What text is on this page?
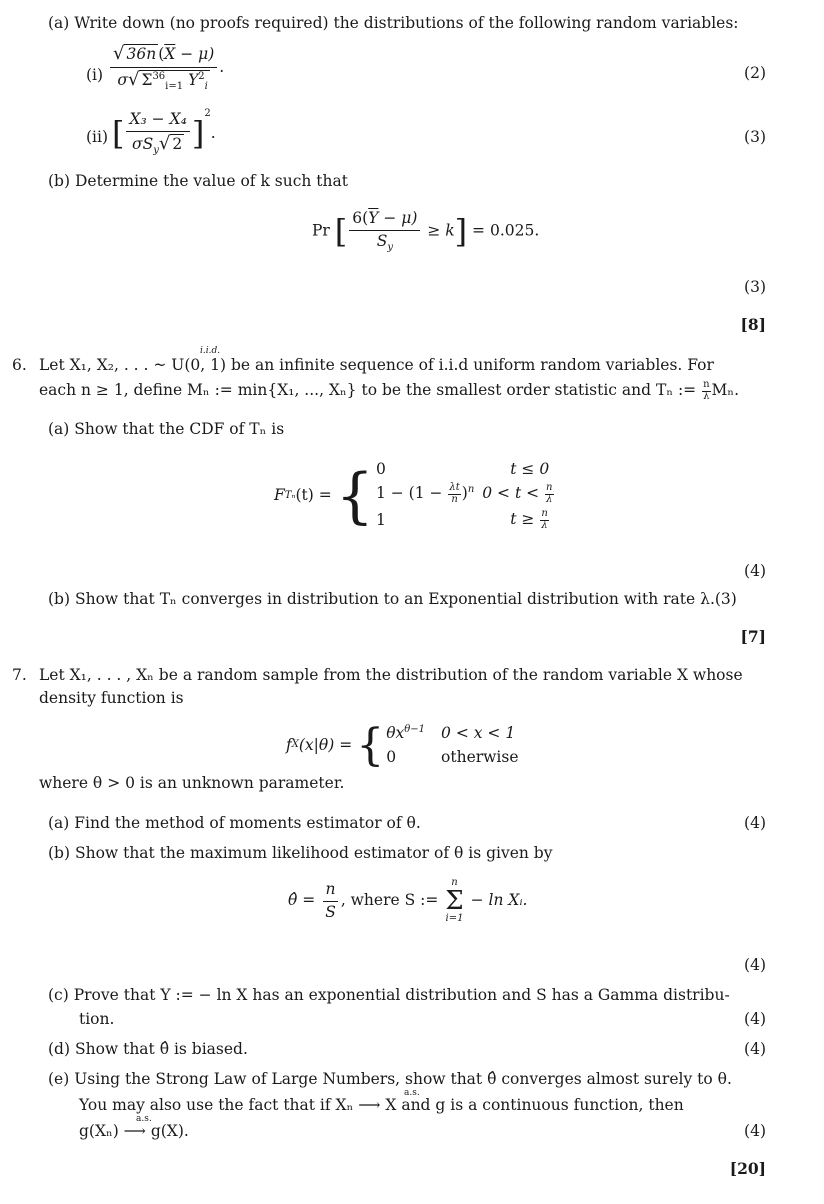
(a) Write down (no proofs required) the distributions of the following random variables:
$(i) \frac{√ 36n (\overline{X} - \mu)}{\sigma√ \Sigma^{36}_{i=1} Y^2_i}$ .	(2)
(ii) [ $\frac{\text{X₃ − X₄}}{\sigma S_y√ 2} ]^2$.	(3)
(b) Determine the value of k such that
Pr [ $\frac{6(\overline{Y} - \mu)}{S_y} \ge k] = 0.025$.
(3)
[8]
6. Let X₁, X₂, . . . ~ U(0, 1) be an infinite sequence of i.i.d uniform random variables. For
i.i.d.
each n ≥ 1, define Mₙ := min{X₁, ..., Xₙ} to be the smallest order statistic and Tₙ := $\frac{n}{\lambda} M_n$.
(a) Show that the CDF of Tₙ is
F Tₙ (t) = { 0	t ≤ 0
$1 - (1 - \frac{\lambda t}{n} )^n$	$0 < t < \frac{n}{\lambda}$

1	$t \ge \frac{n}{\lambda}$
(4)
(b) Show that Tₙ converges in distribution to an Exponential distribution with rate λ.(3)
[7]
7. Let X₁, . . . , Xₙ be a random sample from the distribution of the random variable X whose
density function is
f X (x|θ) = { $\theta x^{\theta-1}$	0 < x < 1
0	otherwise
where θ > 0 is an unknown parameter.
(a) Find the method of moments estimator of θ.	(4)
(b) Show that the maximum likelihood estimator of θ is given by
θ̂ = $\frac{n}{S}$ , where S :=
n
Σ
i=1
− ln Xᵢ.
(4)
(c) Prove that Y := − ln X has an exponential distribution and S has a Gamma distribu-
tion.	(4)
(d) Show that θ̂ is biased.	(4)
(e) Using the Strong Law of Large Numbers, show that θ̂ converges almost surely to θ.
You may also use the fact that if Xₙ ⟶ X and g is a continuous function, then
a.s.
g(Xₙ) ⟶ g(X).
a.s.
(4)
[20]
